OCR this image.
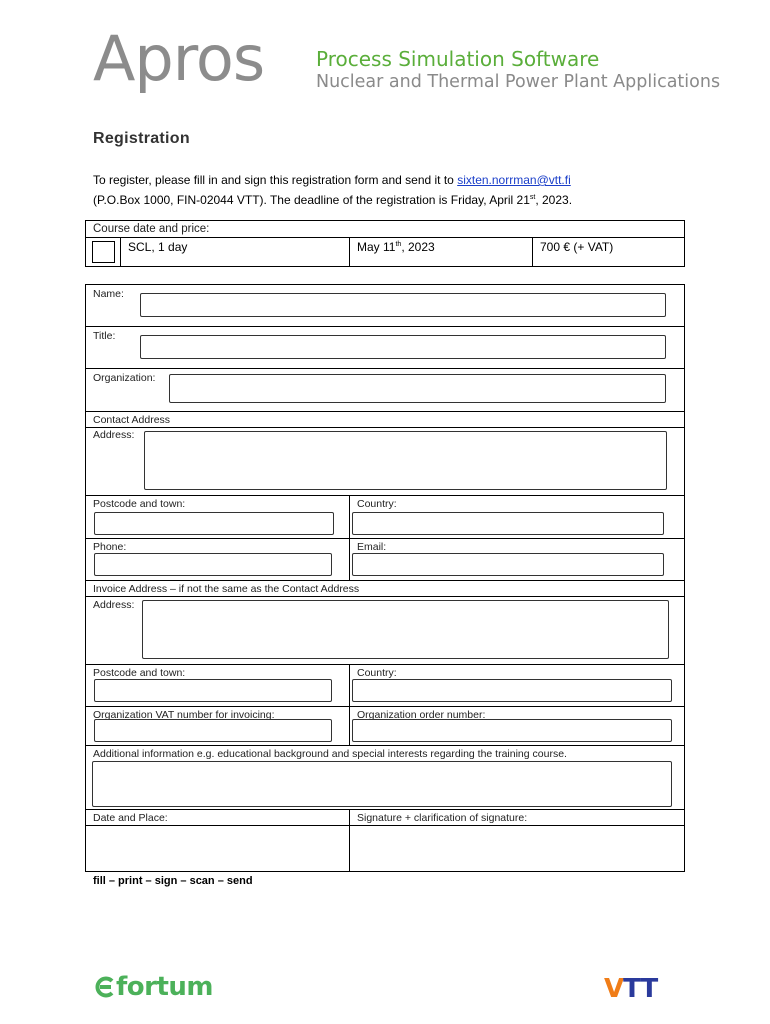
Apros	Process Simulation Software
Nuclear and Thermal Power Plant Applications
Registration
To register, please fill in and sign this registration form and send it to sixten.norrman@vtt.fi
(P.O.Box 1000, FIN-02044 VTT). The deadline of the registration is Friday, April 21st, 2023.
Course date and price:
SCL, 1 day	May 11th, 2023	700 € (+ VAT)
Name:
Title:
Organization:
Contact Address
Address:
Postcode and town:	Country:
Phone:	Email:
Invoice Address – if not the same as the Contact Address
Address:
Postcode and town:	Country:
Organization VAT number for invoicing:	Organization order number:
Additional information e.g. educational background and special interests regarding the training course.
Date and Place:	Signature + clarification of signature:
fill – print – sign – scan – send
fortum	VTT
